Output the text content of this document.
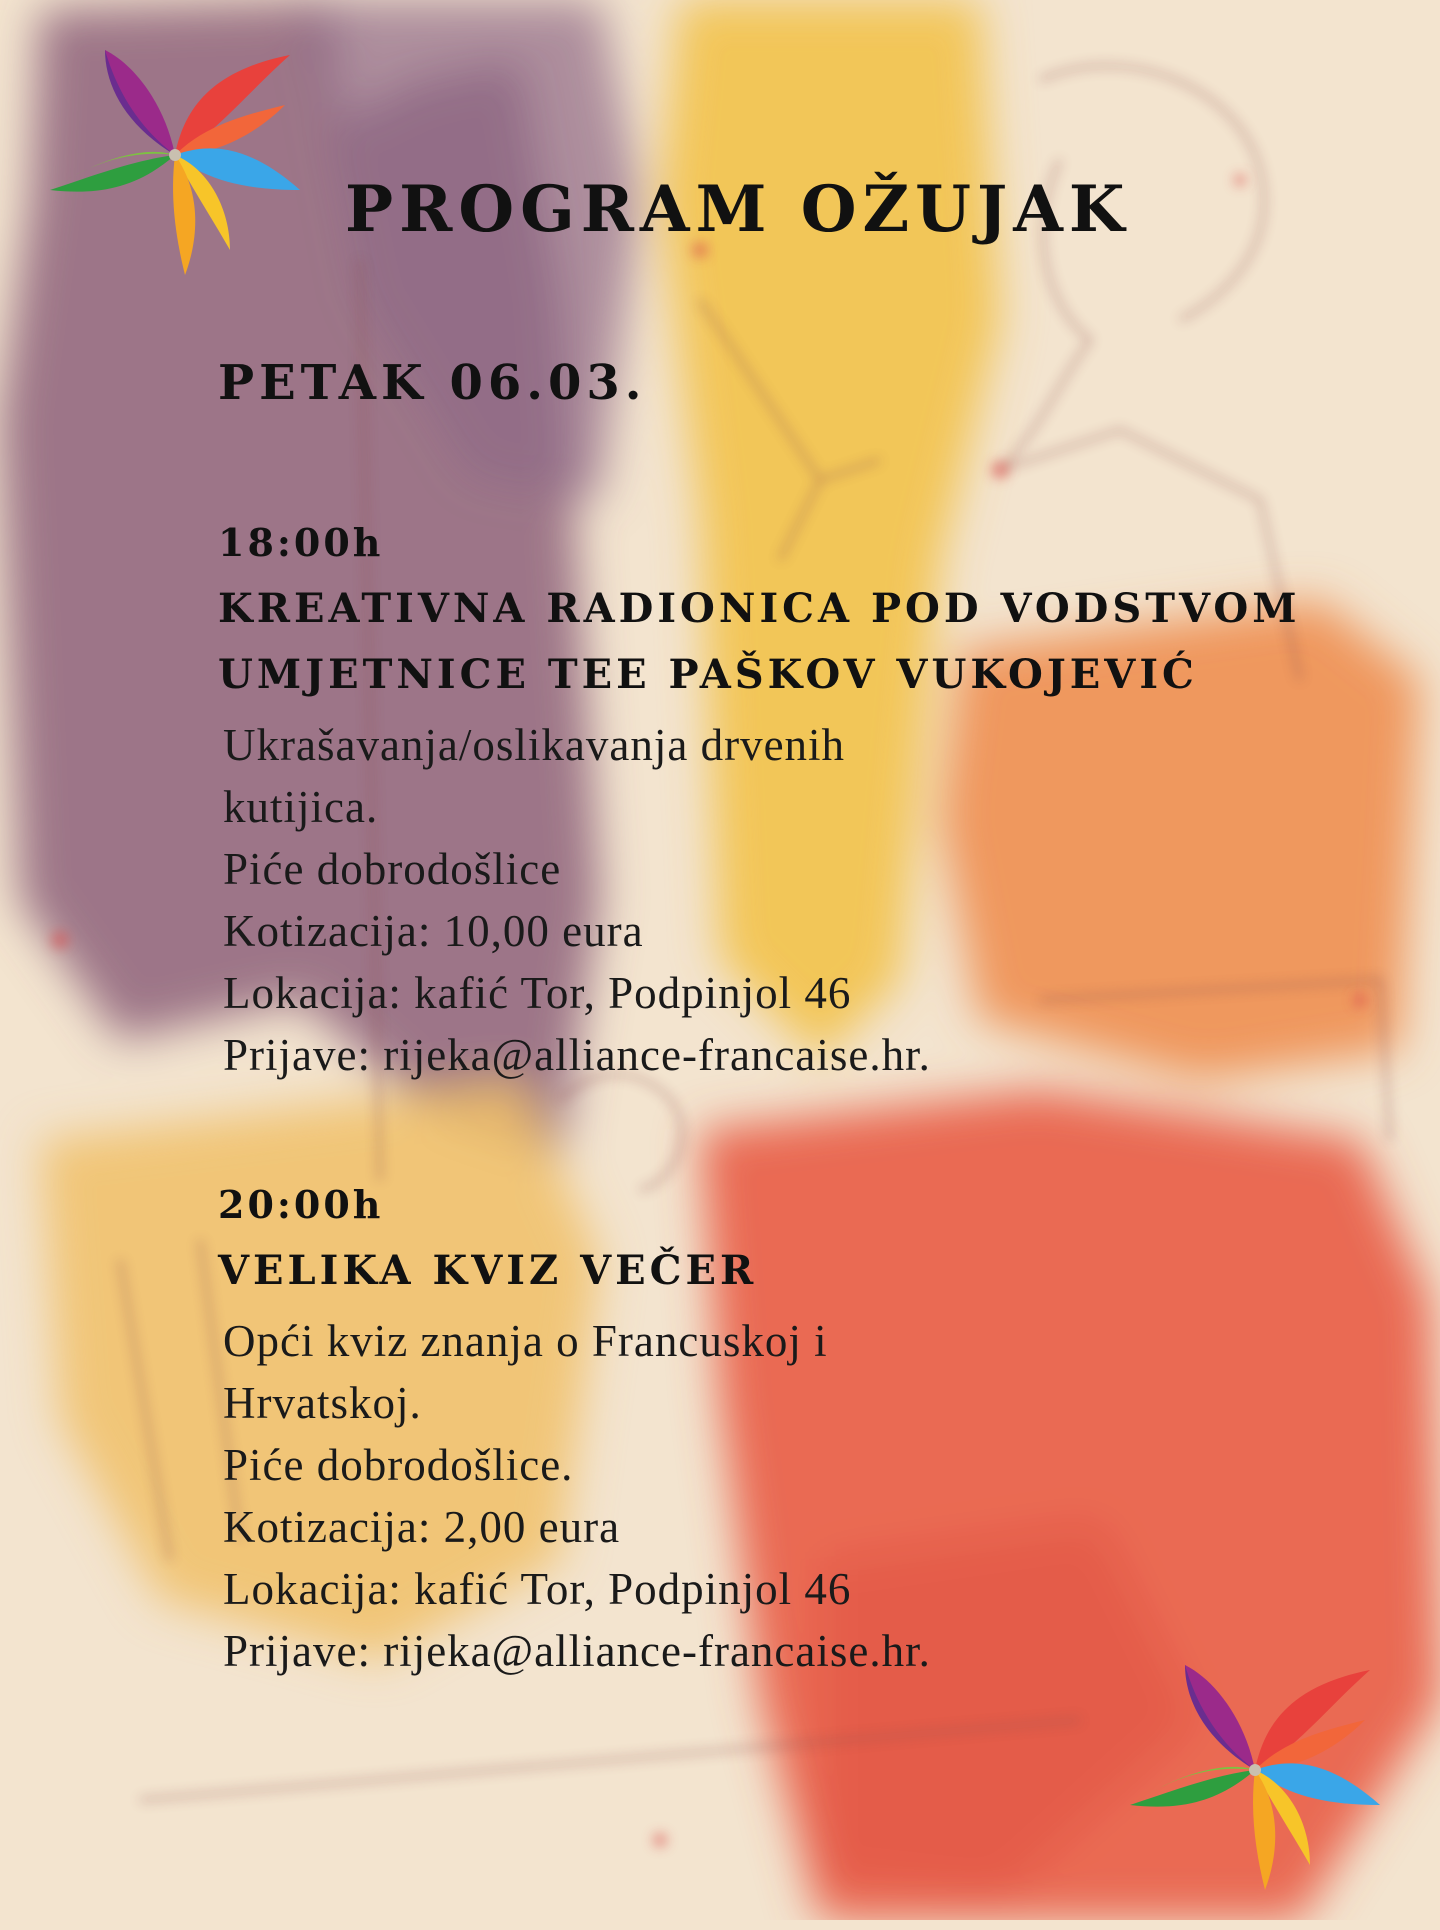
PROGRAM OŽUJAK
PETAK 06.03.
18:00h
KREATIVNA RADIONICA POD VODSTVOM
UMJETNICE TEE PAŠKOV VUKOJEVIĆ
Ukrašavanja/oslikavanja drvenih
kutijica.
Piće dobrodošlice
Kotizacija: 10,00 eura
Lokacija: kafić Tor, Podpinjol 46
Prijave: rijeka@alliance-francaise.hr.
20:00h
VELIKA KVIZ VEČER
Opći kviz znanja o Francuskoj i
Hrvatskoj.
Piće dobrodošlice.
Kotizacija: 2,00 eura
Lokacija: kafić Tor, Podpinjol 46
Prijave: rijeka@alliance-francaise.hr.
